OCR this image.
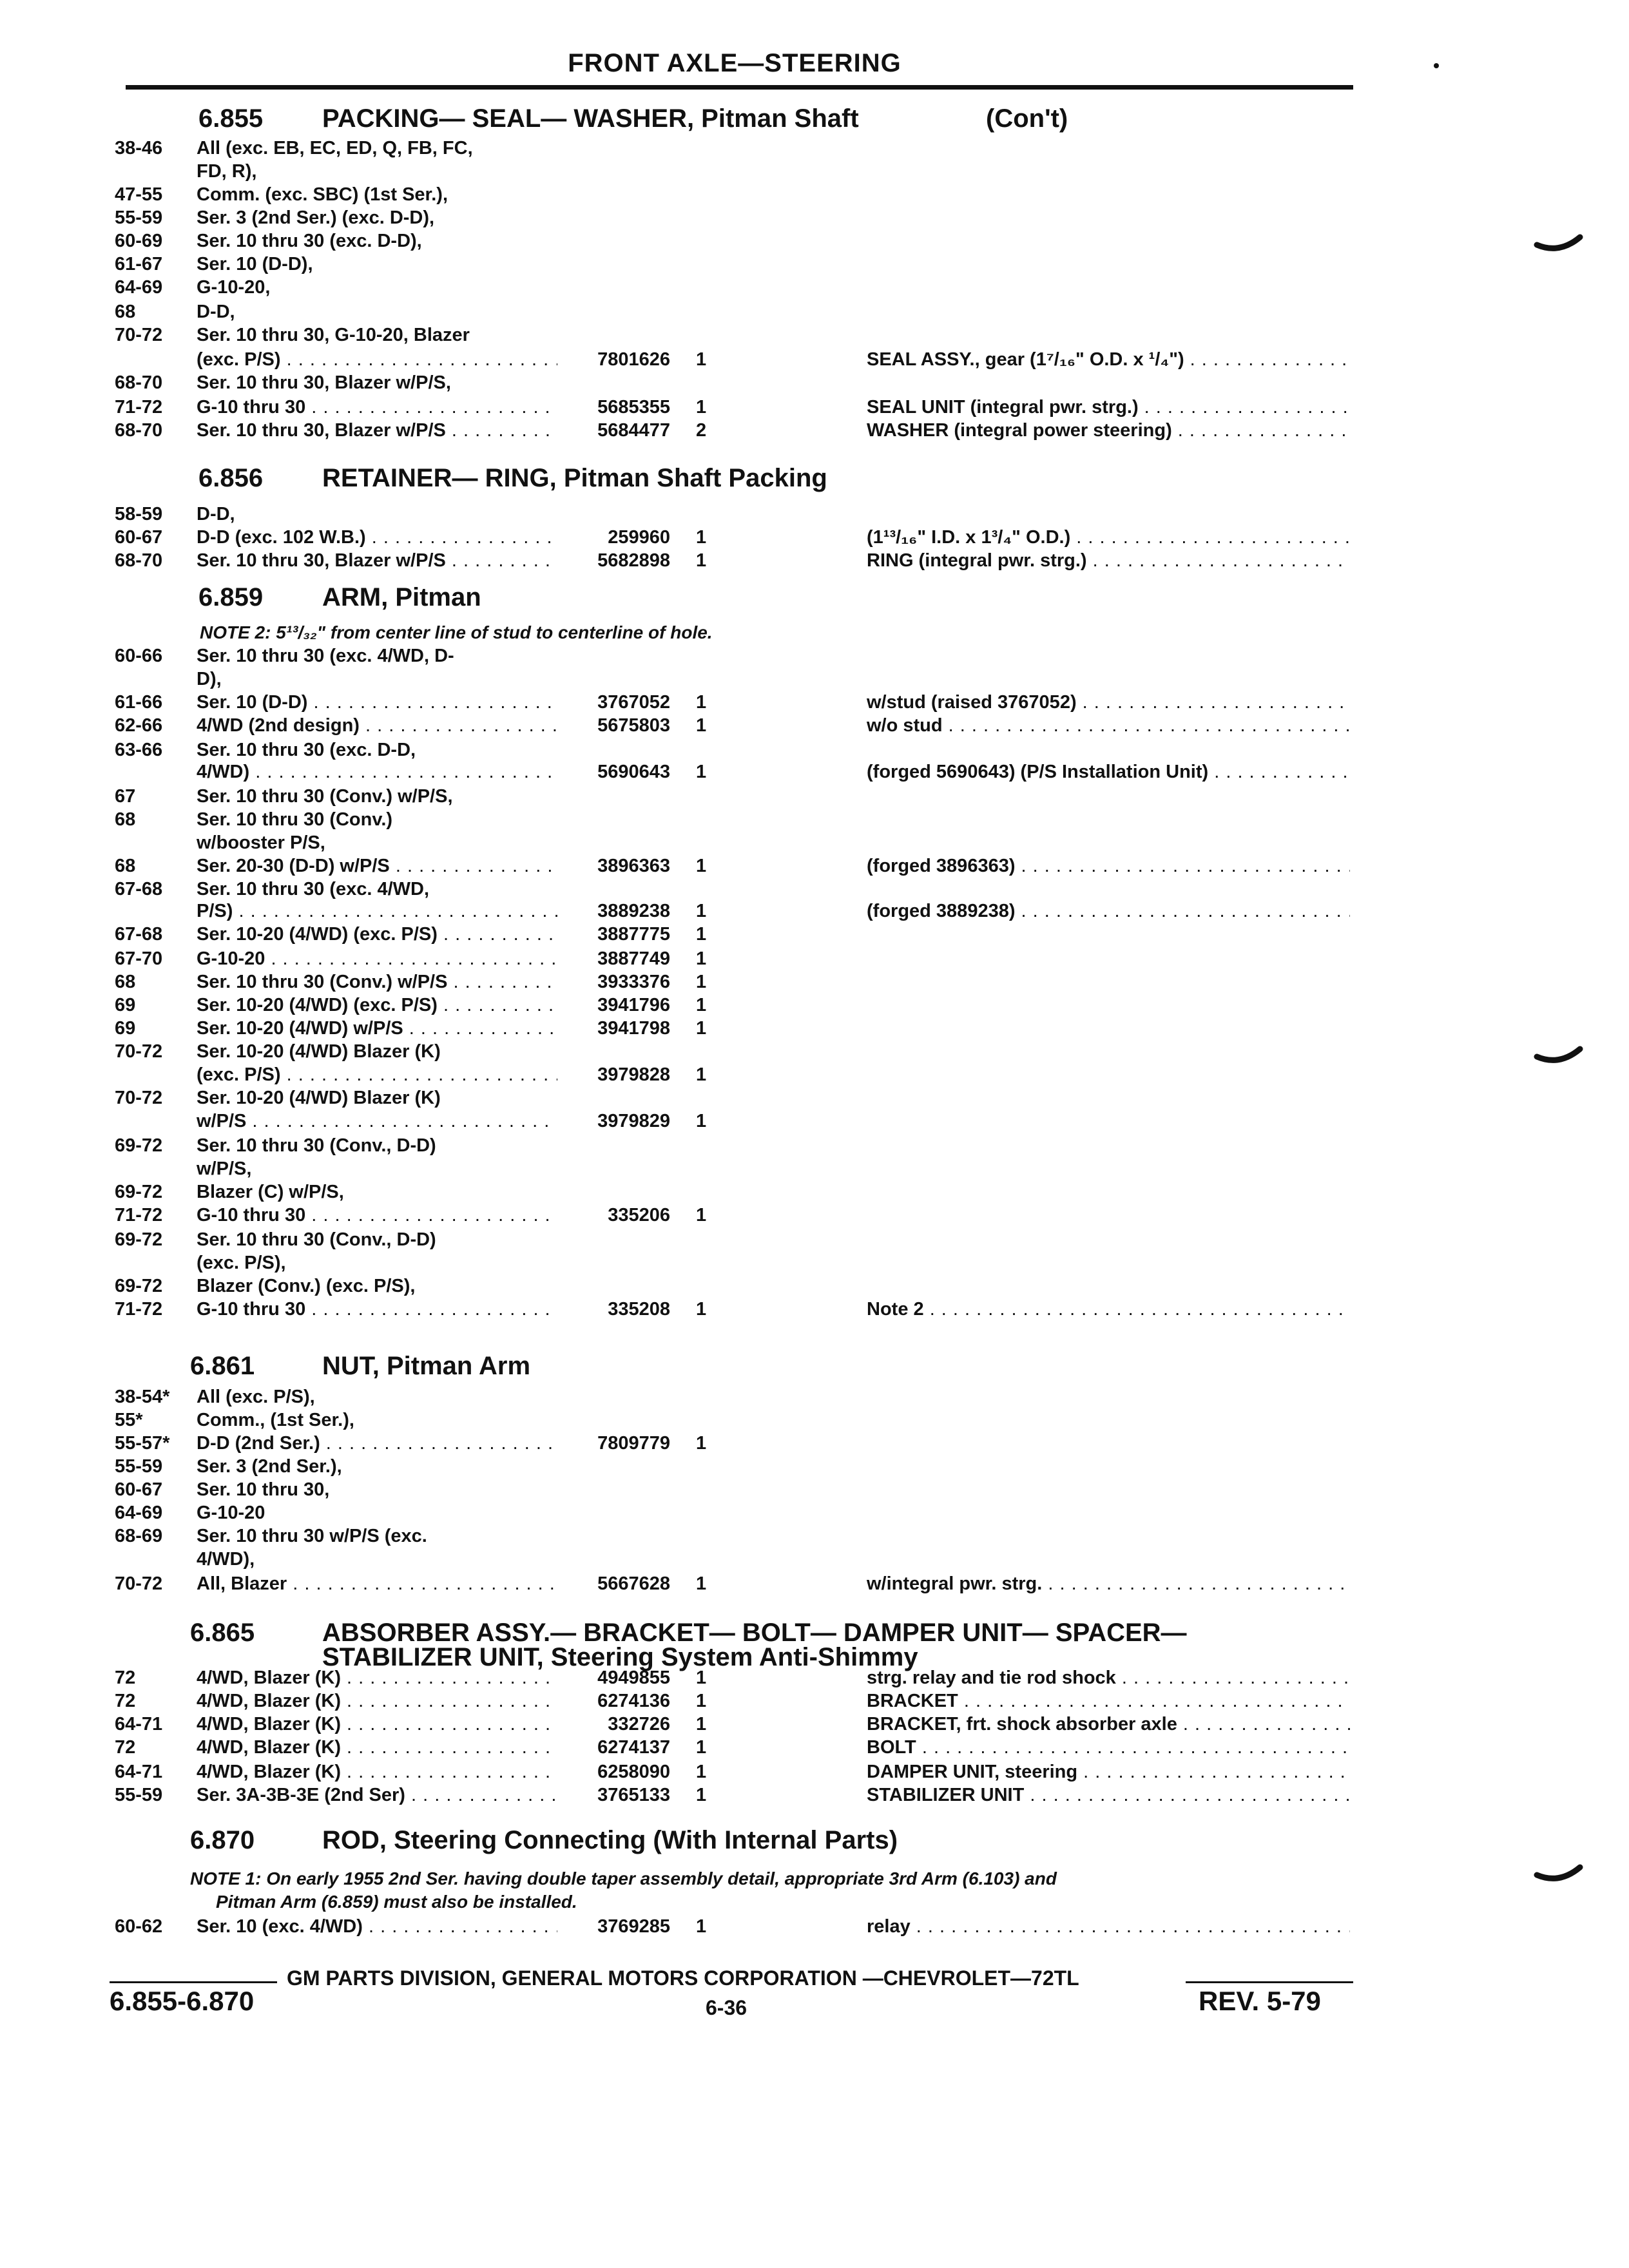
FRONT AXLE—STEERING
6.855 PACKING— SEAL— WASHER, Pitman Shaft	(Con't)
6.856 RETAINER— RING, Pitman Shaft Packing
6.859 ARM, Pitman
NOTE 2: 5¹³/₃₂" from center line of stud to centerline of hole.
6.861	NUT, Pitman Arm
6.865	ABSORBER ASSY.— BRACKET— BOLT— DAMPER UNIT— SPACER—
STABILIZER UNIT, Steering System Anti-Shimmy
6.870	ROD, Steering Connecting (With Internal Parts)
NOTE 1: On early 1955 2nd Ser. having double taper assembly detail, appropriate 3rd Arm (6.103) and
Pitman Arm (6.859) must also be installed.
38-46	All (exc. EB, EC, ED, Q, FB, FC,
FD, R),
47-55	Comm. (exc. SBC) (1st Ser.),
55-59	Ser. 3 (2nd Ser.) (exc. D-D),
60-69	Ser. 10 thru 30 (exc. D-D),
61-67	Ser. 10 (D-D),
64-69	G-10-20,
68	D-D,
70-72	Ser. 10 thru 30, G-10-20, Blazer
(exc. P/S) . . .	7801626 1	SEAL ASSY., gear (1⁷/₁₆" O.D. x ¹/₄") . . .
68-70	Ser. 10 thru 30, Blazer w/P/S,
71-72	G-10 thru 30 . . .	5685355 1	SEAL UNIT (integral pwr. strg.) . . .
68-70	Ser. 10 thru 30, Blazer w/P/S . . .	5684477 2	WASHER (integral power steering) . . .
58-59	D-D,
60-67	D-D (exc. 102 W.B.) . . .	259960 1	(1¹³/₁₆" I.D. x 1³/₄" O.D.) . . .
68-70	Ser. 10 thru 30, Blazer w/P/S . . .	5682898 1	RING (integral pwr. strg.) . . .
60-66	Ser. 10 thru 30 (exc. 4/WD, D-
D),
61-66	Ser. 10 (D-D) . . .	3767052 1	w/stud (raised 3767052) . . .
62-66	4/WD (2nd design) . . .	5675803 1	w/o stud . . .
63-66	Ser. 10 thru 30 (exc. D-D,
4/WD) . . .	5690643 1	(forged 5690643) (P/S Installation Unit) . . .
67	Ser. 10 thru 30 (Conv.) w/P/S,
68	Ser. 10 thru 30 (Conv.)
w/booster P/S,
68	Ser. 20-30 (D-D) w/P/S . . .	3896363 1	(forged 3896363) . . .
67-68	Ser. 10 thru 30 (exc. 4/WD,
P/S) . . .	3889238 1	(forged 3889238) . . .
67-68	Ser. 10-20 (4/WD) (exc. P/S) . . .	3887775 1
67-70	G-10-20 . . .	3887749 1
68	Ser. 10 thru 30 (Conv.) w/P/S . . .	3933376 1
69	Ser. 10-20 (4/WD) (exc. P/S) . . .	3941796 1
69	Ser. 10-20 (4/WD) w/P/S . . .	3941798 1
70-72	Ser. 10-20 (4/WD) Blazer (K)
(exc. P/S) . . .	3979828 1
70-72	Ser. 10-20 (4/WD) Blazer (K)
w/P/S . . .	3979829 1
69-72	Ser. 10 thru 30 (Conv., D-D)
w/P/S,
69-72	Blazer (C) w/P/S,
71-72	G-10 thru 30 . . .	335206 1
69-72	Ser. 10 thru 30 (Conv., D-D)
(exc. P/S),
69-72	Blazer (Conv.) (exc. P/S),
71-72	G-10 thru 30 . . .	335208 1	Note 2 . . .
38-54*	All (exc. P/S),
55*	Comm., (1st Ser.),
55-57*	D-D (2nd Ser.) . . .	7809779 1
55-59	Ser. 3 (2nd Ser.),
60-67	Ser. 10 thru 30,
64-69	G-10-20
68-69	Ser. 10 thru 30 w/P/S (exc.
4/WD),
70-72	All, Blazer . . .	5667628 1	w/integral pwr. strg. . . .
72	4/WD, Blazer (K) . . .	4949855 1	strg. relay and tie rod shock . . .
72	4/WD, Blazer (K) . . .	6274136 1	BRACKET . . .
64-71	4/WD, Blazer (K) . . .	332726 1	BRACKET, frt. shock absorber axle . . .
72	4/WD, Blazer (K) . . .	6274137 1	BOLT . . .
64-71	4/WD, Blazer (K) . . .	6258090 1	DAMPER UNIT, steering . . .
55-59	Ser. 3A-3B-3E (2nd Ser) . . .	3765133 1	STABILIZER UNIT . . .
60-62	Ser. 10 (exc. 4/WD) . . .	3769285 1	relay . . .
GM PARTS DIVISION, GENERAL MOTORS CORPORATION —CHEVROLET—72TL
6.855-6.870	6-36	REV. 5-79
